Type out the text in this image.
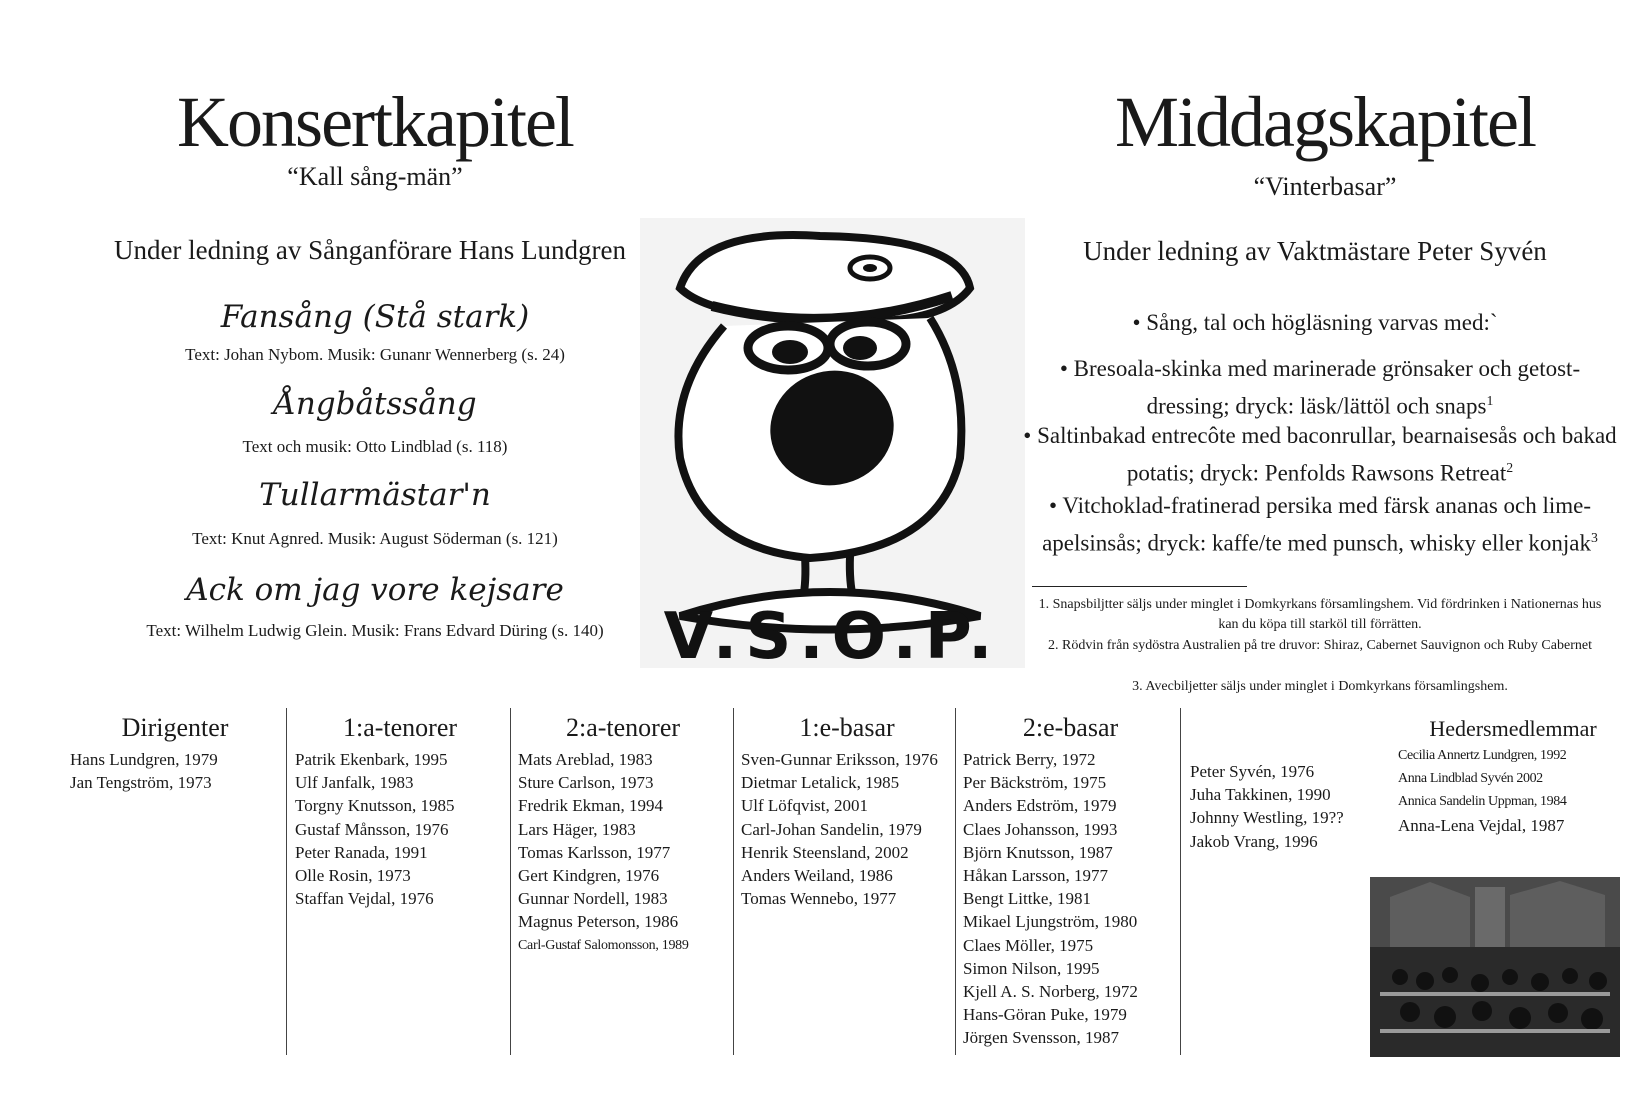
Konsertkapitel
“Kall sång-män”
Under ledning av Sånganförare Hans Lundgren
Fansång (Stå stark)
Text: Johan Nybom. Musik: Gunanr Wennerberg (s. 24)
Ångbåtssång
Text och musik: Otto Lindblad (s. 118)
Tullarmästar'n
Text: Knut Agnred. Musik: August Söderman (s. 121)
Ack om jag vore kejsare
Text: Wilhelm Ludwig Glein. Musik: Frans Edvard Düring (s. 140) V.S.O.P.
Middagskapitel
“Vinterbasar”
Under ledning av Vaktmästare Peter Syvén
• Sång, tal och högläsning varvas med:`
• Bresoala-skinka med marinerade grönsaker och getost-dressing; dryck: läsk/lättöl och snaps$^1$
• Saltinbakad entrecôte med baconrullar, bearnaisesås och bakad potatis; dryck: Penfolds Rawsons Retreat$^2$
• Vitchoklad-fratinerad persika med färsk ananas och lime-apelsinsås; dryck: kaffe/te med punsch, whisky eller konjak$^3$
1. Snapsbiljtter säljs under minglet i Domkyrkans församlingshem. Vid fördrinken i Nationernas hus kan du köpa till starköl till förrätten.
2. Rödvin från sydöstra Australien på tre druvor: Shiraz, Cabernet Sauvignon och Ruby Cabernet
3. Avecbiljetter säljs under minglet i Domkyrkans församlingshem.
Dirigenter
Hans Lundgren, 1979
Jan Tengström, 1973
1:a-tenorer
Patrik Ekenbark, 1995
Ulf Janfalk, 1983
Torgny Knutsson, 1985
Gustaf Månsson, 1976
Peter Ranada, 1991
Olle Rosin, 1973
Staffan Vejdal, 1976
2:a-tenorer
Mats Areblad, 1983
Sture Carlson, 1973
Fredrik Ekman, 1994
Lars Häger, 1983
Tomas Karlsson, 1977
Gert Kindgren, 1976
Gunnar Nordell, 1983
Magnus Peterson, 1986
Carl-Gustaf Salomonsson, 1989
1:e-basar
Sven-Gunnar Eriksson, 1976
Dietmar Letalick, 1985
Ulf Löfqvist, 2001
Carl-Johan Sandelin, 1979
Henrik Steensland, 2002
Anders Weiland, 1986
Tomas Wennebo, 1977
2:e-basar
Patrick Berry, 1972
Per Bäckström, 1975
Anders Edström, 1979
Claes Johansson, 1993
Björn Knutsson, 1987
Håkan Larsson, 1977
Bengt Littke, 1981
Mikael Ljungström, 1980
Claes Möller, 1975
Simon Nilson, 1995
Kjell A. S. Norberg, 1972
Hans-Göran Puke, 1979
Jörgen Svensson, 1987
Peter Syvén, 1976
Juha Takkinen, 1990
Johnny Westling, 19??
Jakob Vrang, 1996
Hedersmedlemmar
Cecilia Annertz Lundgren, 1992
Anna Lindblad Syvén 2002
Annica Sandelin Uppman, 1984
Anna-Lena Vejdal, 1987
